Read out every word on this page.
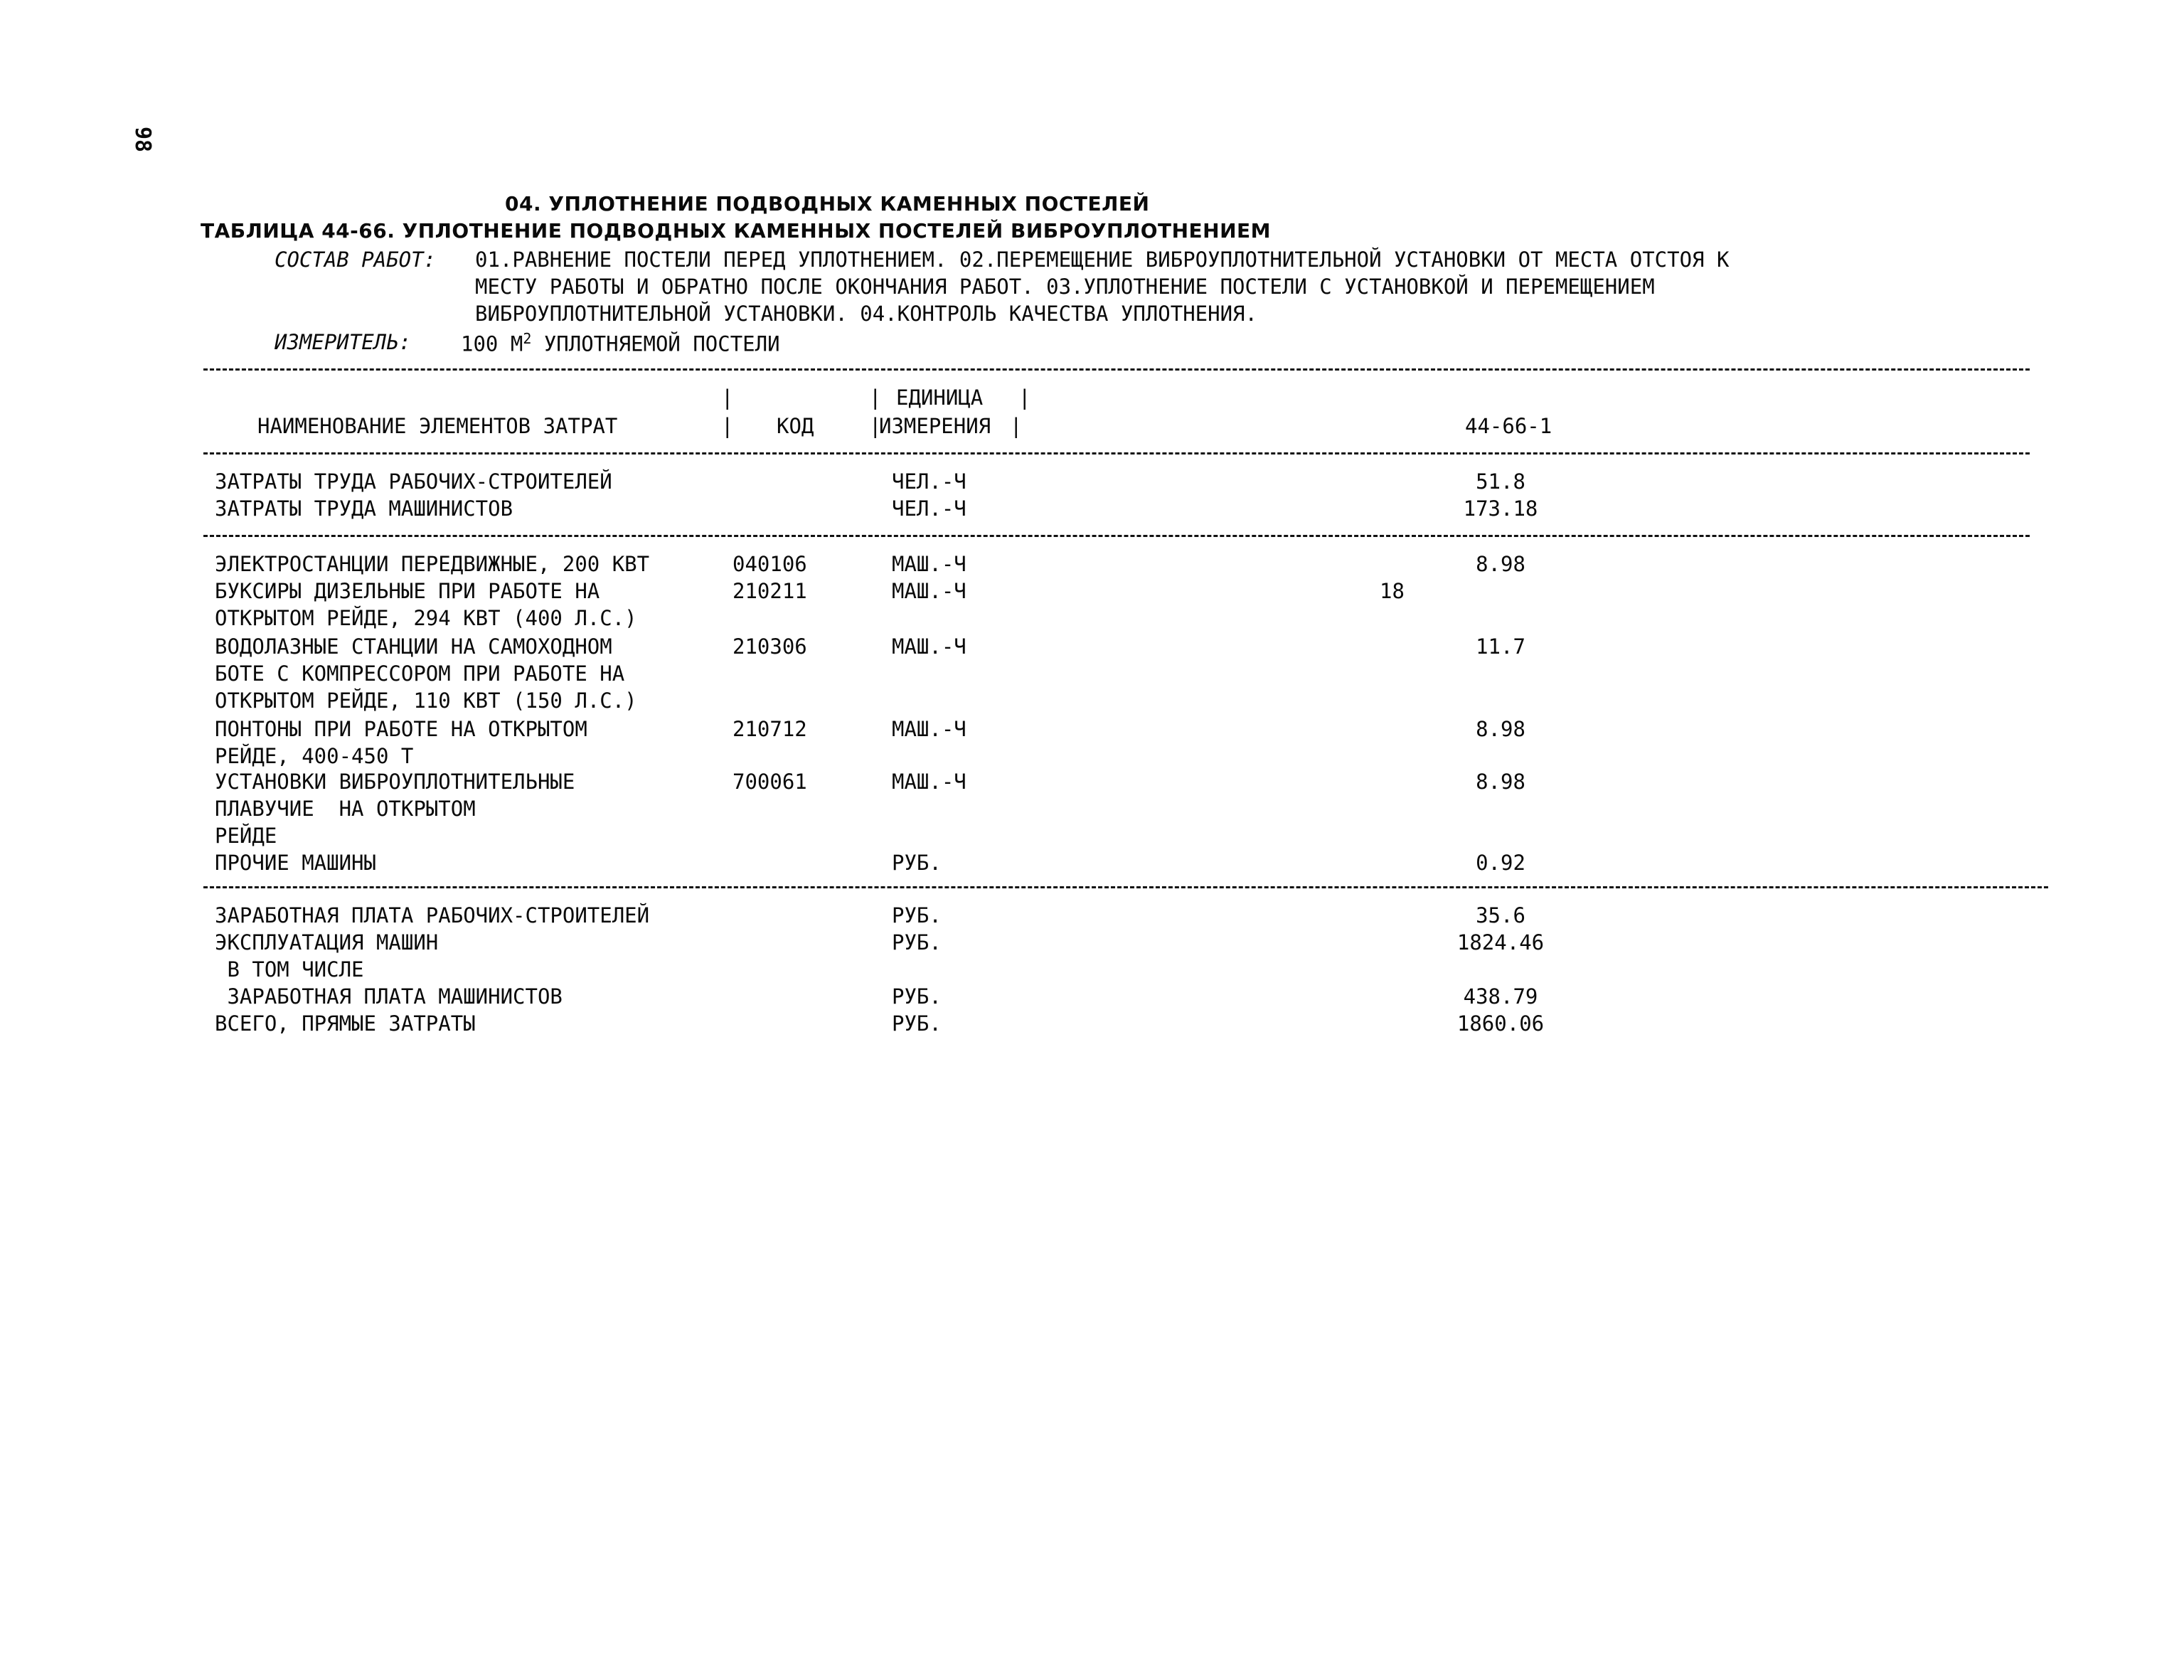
98
04. УПЛОТНЕНИЕ ПОДВОДНЫХ КАМЕННЫХ ПОСТЕЛЕЙ
ТАБЛИЦА 44-66. УПЛОТНЕНИЕ ПОДВОДНЫХ КАМЕННЫХ ПОСТЕЛЕЙ ВИБРОУПЛОТНЕНИЕМ
СОСТАВ РАБОТ: 01.РАВНЕНИЕ ПОСТЕЛИ ПЕРЕД УПЛОТНЕНИЕМ. 02.ПЕРЕМЕЩЕНИЕ ВИБРОУПЛОТНИТЕЛЬНОЙ УСТАНОВКИ ОТ МЕСТА ОТСТОЯ К
МЕСТУ РАБОТЫ И ОБРАТНО ПОСЛЕ ОКОНЧАНИЯ РАБОТ. 03.УПЛОТНЕНИЕ ПОСТЕЛИ С УСТАНОВКОЙ И ПЕРЕМЕЩЕНИЕМ
ВИБРОУПЛОТНИТЕЛЬНОЙ УСТАНОВКИ. 04.КОНТРОЛЬ КАЧЕСТВА УПЛОТНЕНИЯ.
ИЗМЕРИТЕЛЬ: 100 $М^2$ УПЛОТНЯЕМОЙ ПОСТЕЛИ
|	|	|
ЕДИНИЦА
НАИМЕНОВАНИЕ ЭЛЕМЕНТОВ ЗАТРАТ	| КОД	|
ИЗМЕРЕНИЯ |	44-66-1
ЗАТРАТЫ ТРУДА РАБОЧИХ-СТРОИТЕЛЕЙ	ЧЕЛ.-Ч	51.8
ЗАТРАТЫ ТРУДА МАШИНИСТОВ	ЧЕЛ.-Ч	173.18
ЭЛЕКТРОСТАНЦИИ ПЕРЕДВИЖНЫЕ, 200 КВТ	040106	МАШ.-Ч	8.98
БУКСИРЫ ДИЗЕЛЬНЫЕ ПРИ РАБОТЕ НА
ОТКРЫТОМ РЕЙДЕ, 294 КВТ (400 Л.С.)
210211	МАШ.-Ч	18
ВОДОЛАЗНЫЕ СТАНЦИИ НА САМОХОДНОМ
БОТЕ С КОМПРЕССОРОМ ПРИ РАБОТЕ НА
ОТКРЫТОМ РЕЙДЕ, 110 КВТ (150 Л.С.)
210306	МАШ.-Ч	11.7
ПОНТОНЫ ПРИ РАБОТЕ НА ОТКРЫТОМ
РЕЙДЕ, 400-450 Т
210712	МАШ.-Ч	8.98
УСТАНОВКИ ВИБРОУПЛОТНИТЕЛЬНЫЕ
ПЛАВУЧИЕ  НА ОТКРЫТОМ
РЕЙДЕ
700061	МАШ.-Ч	8.98
ПРОЧИЕ МАШИНЫ	РУБ.	0.92
ЗАРАБОТНАЯ ПЛАТА РАБОЧИХ-СТРОИТЕЛЕЙ	РУБ.	35.6
ЭКСПЛУАТАЦИЯ МАШИН	РУБ.	1824.46
В ТОМ ЧИСЛЕ
ЗАРАБОТНАЯ ПЛАТА МАШИНИСТОВ	РУБ.	438.79
ВСЕГО, ПРЯМЫЕ ЗАТРАТЫ	РУБ.	1860.06
